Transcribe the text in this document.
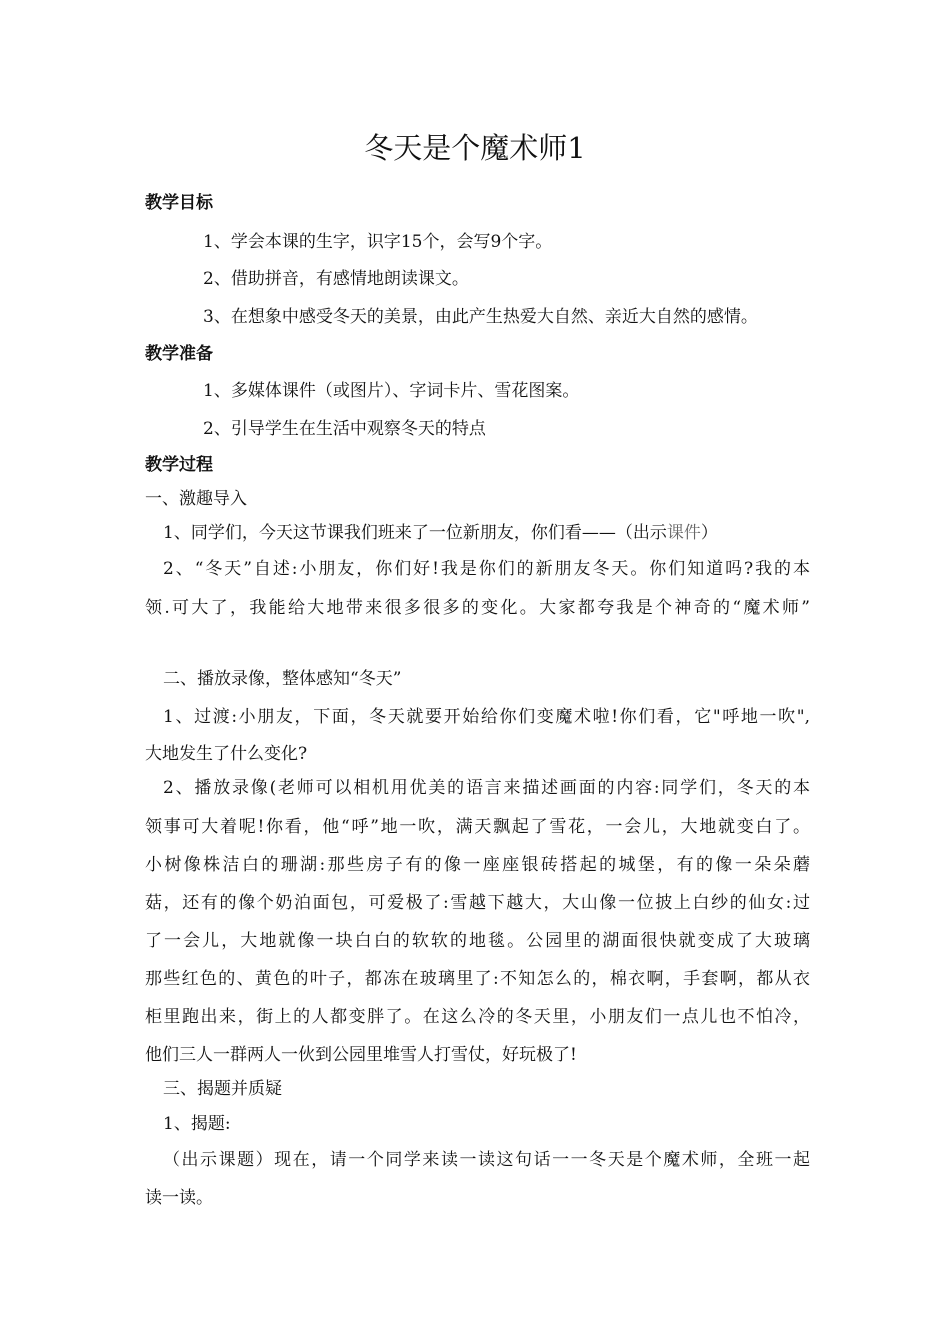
冬天是个魔术师1
教学目标
1、学会本课的生字，识字15个，会写9个字。
2、借助拼音，有感情地朗读课文。
3、在想象中感受冬天的美景，由此产生热爱大自然、亲近大自然的感情。
教学准备
1、多媒体课件（或图片）、字词卡片、雪花图案。
2、引导学生在生活中观察冬天的特点
教学过程
一、激趣导入
1、同学们，今天这节课我们班来了一位新朋友，你们看——（出示课件）
2、“冬天”自述:小朋友，你们好!我是你们的新朋友冬天。你们知道吗?我的本
领.可大了，我能给大地带来很多很多的变化。大家都夸我是个神奇的“魔术师”
二、播放录像，整体感知“冬天”
1、过渡:小朋友，下面，冬天就要开始给你们变魔术啦!你们看，它"呼地一吹",
大地发生了什么变化?
2、播放录像(老师可以相机用优美的语言来描述画面的内容:同学们，冬天的本
领事可大着呢!你看，他“呼”地一吹，满天飘起了雪花，一会儿，大地就变白了。
小树像株洁白的珊湖:那些房子有的像一座座银砖搭起的城堡，有的像一朵朵蘑
菇，还有的像个奶泊面包，可爱极了:雪越下越大，大山像一位披上白纱的仙女:过
了一会儿，大地就像一块白白的软软的地毯。公园里的湖面很快就变成了大玻璃
那些红色的、黄色的叶子，都冻在玻璃里了:不知怎么的，棉衣啊，手套啊，都从衣
柜里跑出来，街上的人都变胖了。在这么冷的冬天里，小朋友们一点儿也不怕冷，
他们三人一群两人一伙到公园里堆雪人打雪仗，好玩极了!
三、揭题并质疑
1、揭题:
（出示课题）现在，请一个同学来读一读这句话一一冬天是个魔术师，全班一起
读一读。
